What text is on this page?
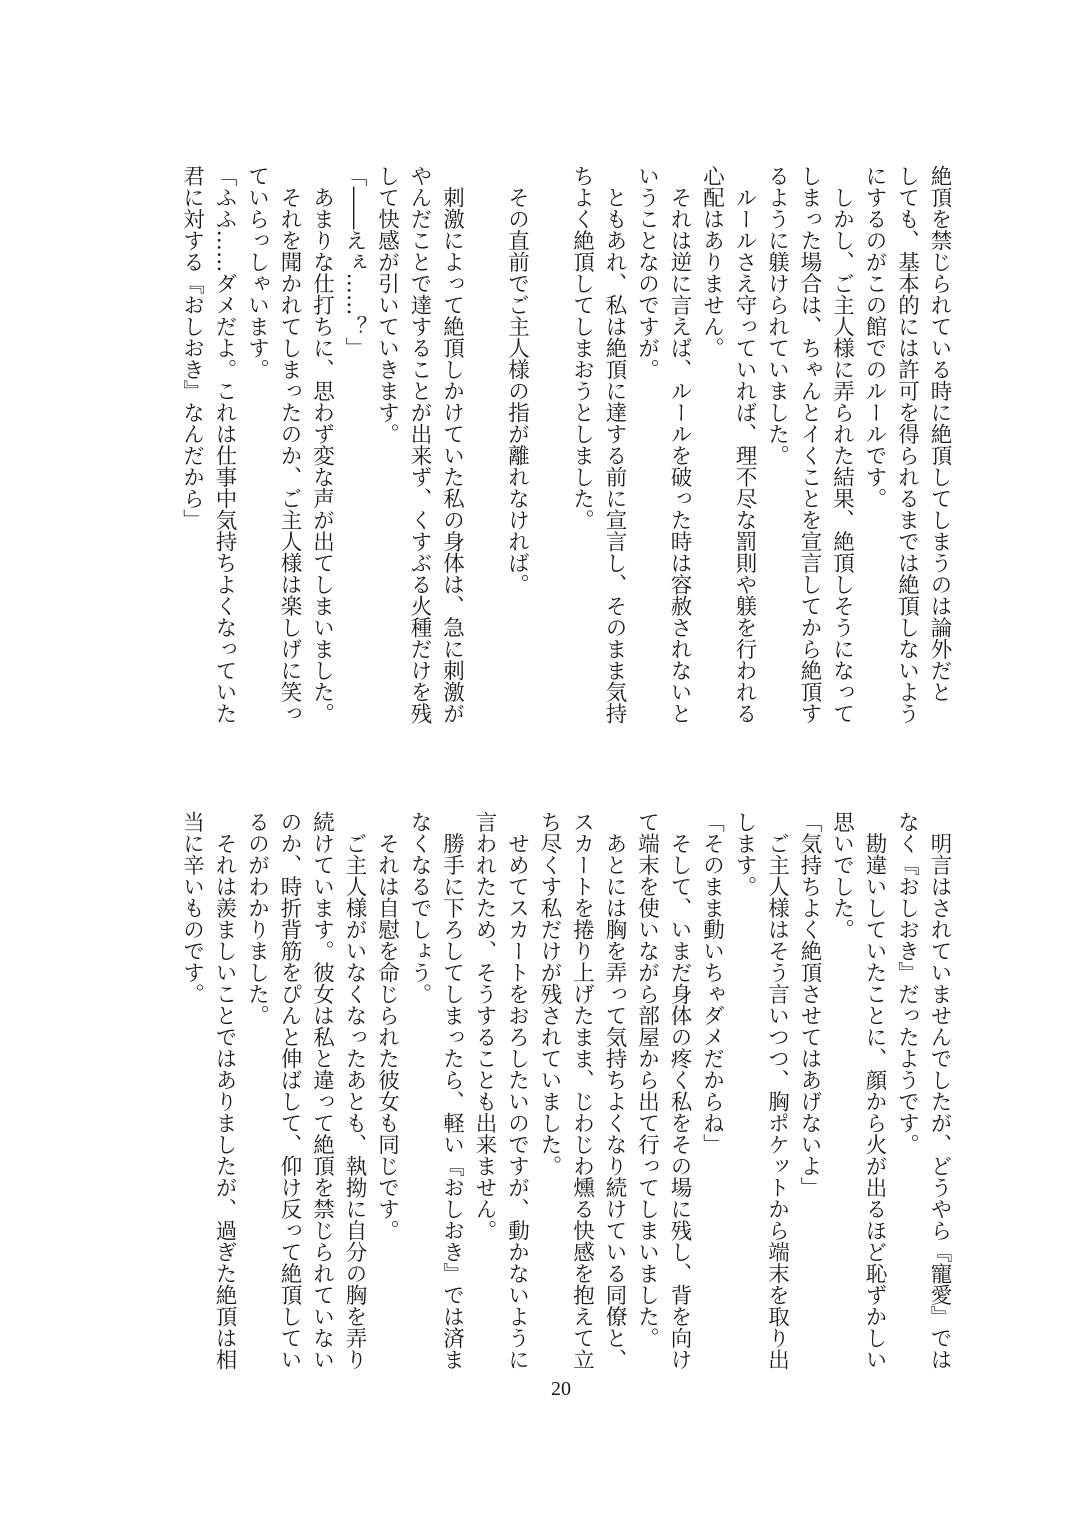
絶頂を禁じられている時に絶頂してしまうのは論外だと
しても、基本的には許可を得られるまでは絶頂しないよう
にするのがこの館でのルールです。
　しかし、ご主人様に弄られた結果、絶頂しそうになって
しまった場合は、ちゃんとイくことを宣言してから絶頂す
るように躾けられていました。
　ルールさえ守っていれば、理不尽な罰則や躾を行われる
心配はありません。
　それは逆に言えば、ルールを破った時は容赦されないと
いうことなのですが。
　ともあれ、私は絶頂に達する前に宣言し、そのまま気持
ちよく絶頂してしまおうとしました。
　その直前でご主人様の指が離れなければ。
　刺激によって絶頂しかけていた私の身体は、急に刺激が
やんだことで達することが出来ず、くすぶる火種だけを残
して快感が引いていきます。
「――えぇ……？」
　あまりな仕打ちに、思わず変な声が出てしまいました。
　それを聞かれてしまったのか、ご主人様は楽しげに笑っ
ていらっしゃいます。
「ふふ……ダメだよ。これは仕事中気持ちよくなっていた
君に対する『おしおき』なんだから」
　明言はされていませんでしたが、どうやら『寵愛』では
なく『おしおき』だったようです。
　勘違いしていたことに、顔から火が出るほど恥ずかしい
思いでした。
「気持ちよく絶頂させてはあげないよ」
　ご主人様はそう言いつつ、胸ポケットから端末を取り出
します。
「そのまま動いちゃダメだからね」
　そして、いまだ身体の疼く私をその場に残し、背を向け
て端末を使いながら部屋から出て行ってしまいました。
　あとには胸を弄って気持ちよくなり続けている同僚と、
スカートを捲り上げたまま、じわじわ燻る快感を抱えて立
ち尽くす私だけが残されていました。
　せめてスカートをおろしたいのですが、動かないように
言われたため、そうすることも出来ません。
　勝手に下ろしてしまったら、軽い『おしおき』では済ま
なくなるでしょう。
　それは自慰を命じられた彼女も同じです。
　ご主人様がいなくなったあとも、執拗に自分の胸を弄り
続けています。彼女は私と違って絶頂を禁じられていない
のか、時折背筋をぴんと伸ばして、仰け反って絶頂してい
るのがわかりました。
　それは羨ましいことではありましたが、過ぎた絶頂は相
当に辛いものです。
20
